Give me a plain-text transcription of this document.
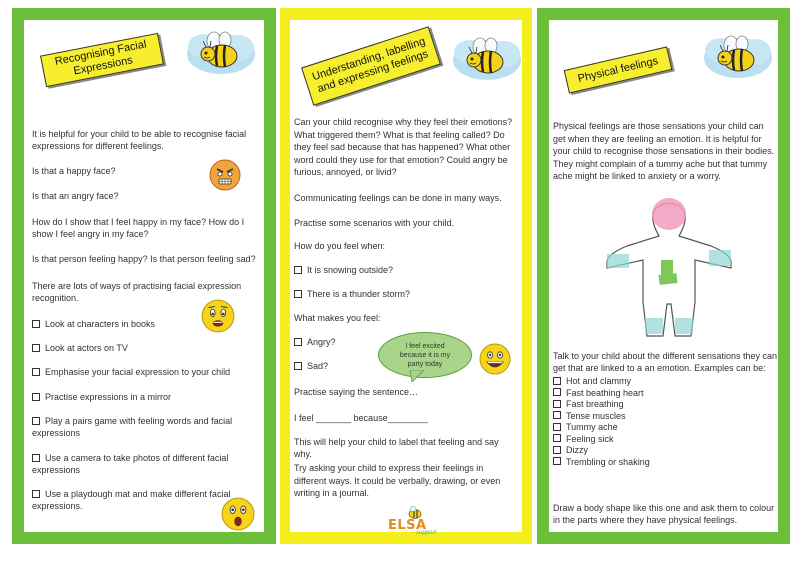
Recognising Facial Expressions

It is helpful for your child to be able to recognise facial expressions for different feelings.

Is that a happy face?

Is that an angry face?

How do I show that I feel happy in my face? How do I show I feel angry in my face?

Is that person feeling happy? Is that person feeling sad?

There are lots of ways of practising facial expression recognition.

Look at characters in books
Look at actors on TV
Emphasise your facial expression to your child
Practise expressions in a mirror
Play a pairs game with feeling words and facial expressions
Use a camera to take photos of different facial expressions
Use a playdough mat and make different facial expressions.
Understanding, labelling and expressing feelings

Can your child recognise why they feel their emotions? What triggered them? What is that feeling called? Do they feel sad because that has happened? What other word could they use for that emotion? Could angry be furious, annoyed, or livid?

Communicating feelings can be done in many ways.

Practise some scenarios with your child.

How do you feel when:

It is snowing outside?
There is a thunder storm?

What makes you feel:

Angry?
Sad?
I feel excited because it is my party today

Practise saying the sentence…

I feel _______ because________

This will help your child to label that feeling and say why.

Try asking your child to express their feelings in different ways. It could be verbally, drawing, or even writing in a journal.

ELSA
support
Physical feelings

Physical feelings are those sensations your child can get when they are feeling an emotion. It is helpful for your child to recognise those sensations in their bodies. They might complain of a tummy ache but that tummy ache might be linked to anxiety or a worry.

Talk to your child about the different sensations they can get that are linked to a an emotion. Examples can be:

Hot and clammy
Fast beathing heart
Fast breathing
Tense muscles
Tummy ache
Feeling sick
Dizzy
Trembling or shaking

Draw a body shape like this one and ask them to colour in the parts where they have physical feelings.
